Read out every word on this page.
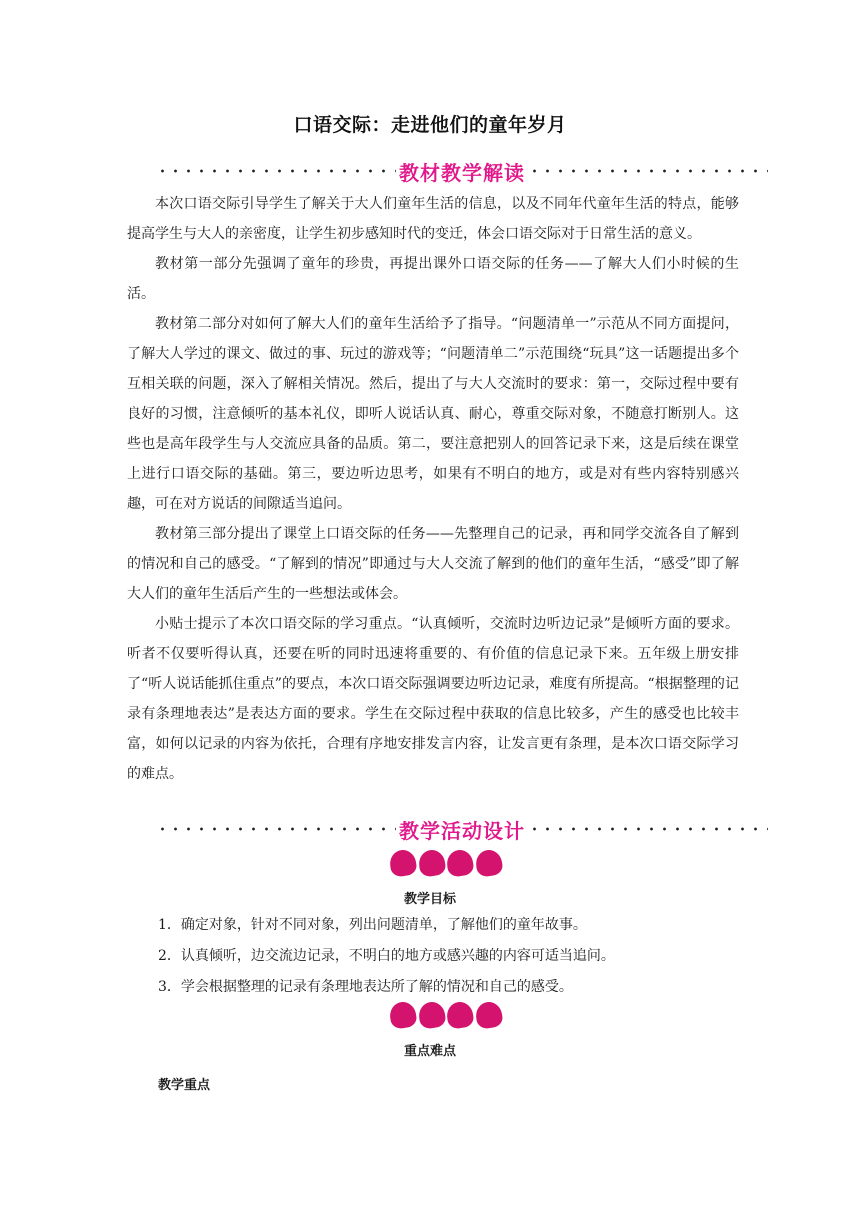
口语交际：走进他们的童年岁月
教材教学解读

本次口语交际引导学生了解关于大人们童年生活的信息，以及不同年代童年生活的特点，能够提高学生与大人的亲密度，让学生初步感知时代的变迁，体会口语交际对于日常生活的意义。

教材第一部分先强调了童年的珍贵，再提出课外口语交际的任务——了解大人们小时候的生活。

教材第二部分对如何了解大人们的童年生活给予了指导。“问题清单一”示范从不同方面提问，了解大人学过的课文、做过的事、玩过的游戏等；“问题清单二”示范围绕“玩具”这一话题提出多个互相关联的问题，深入了解相关情况。然后，提出了与大人交流时的要求：第一，交际过程中要有良好的习惯，注意倾听的基本礼仪，即听人说话认真、耐心，尊重交际对象，不随意打断别人。这些也是高年段学生与人交流应具备的品质。第二，要注意把别人的回答记录下来，这是后续在课堂上进行口语交际的基础。第三，要边听边思考，如果有不明白的地方，或是对有些内容特别感兴趣，可在对方说话的间隙适当追问。

教材第三部分提出了课堂上口语交际的任务——先整理自己的记录，再和同学交流各自了解到的情况和自己的感受。“了解到的情况”即通过与大人交流了解到的他们的童年生活，“感受”即了解大人们的童年生活后产生的一些想法或体会。

小贴士提示了本次口语交际的学习重点。“认真倾听，交流时边听边记录”是倾听方面的要求。听者不仅要听得认真，还要在听的同时迅速将重要的、有价值的信息记录下来。五年级上册安排了“听人说话能抓住重点”的要点，本次口语交际强调要边听边记录，难度有所提高。“根据整理的记录有条理地表达”是表达方面的要求。学生在交际过程中获取的信息比较多，产生的感受也比较丰富，如何以记录的内容为依托，合理有序地安排发言内容，让发言更有条理，是本次口语交际学习的难点。

教学活动设计
教学目标
1．确定对象，针对不同对象，列出问题清单，了解他们的童年故事。
2．认真倾听，边交流边记录，不明白的地方或感兴趣的内容可适当追问。
3．学会根据整理的记录有条理地表达所了解的情况和自己的感受。
重点难点
教学重点
